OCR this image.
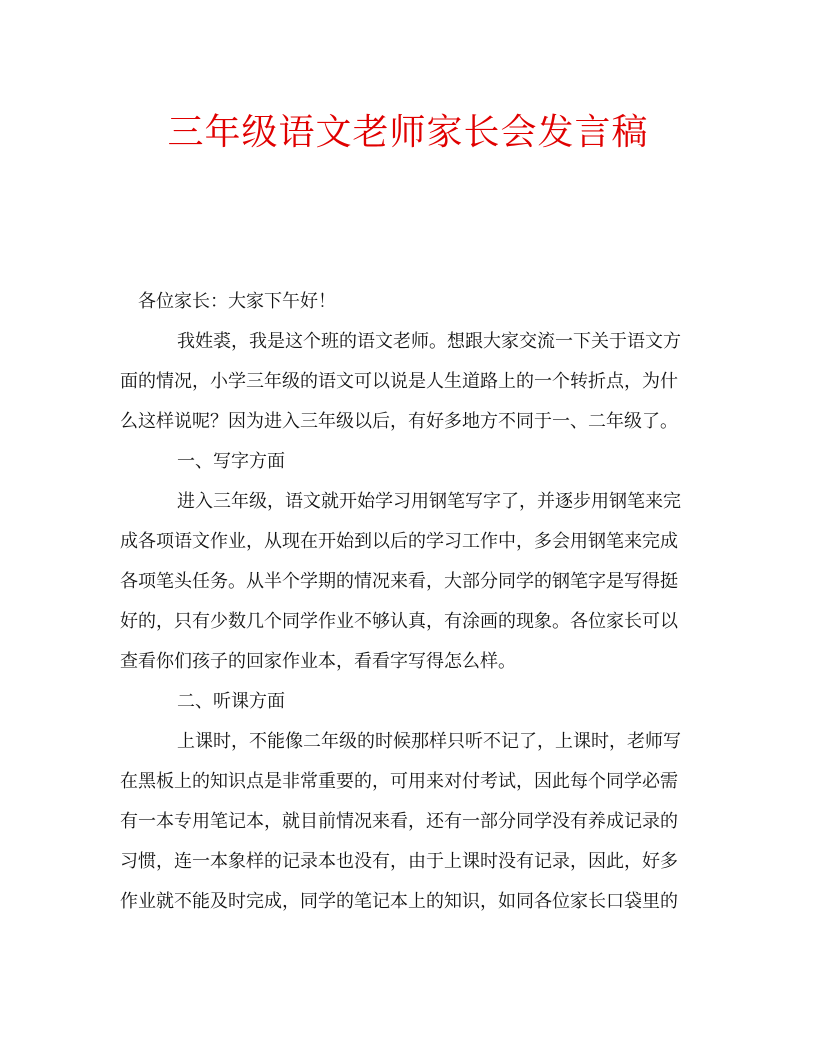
三年级语文老师家长会发言稿

各位家长：大家下午好！

我姓裘，我是这个班的语文老师。想跟大家交流一下关于语文方
面的情况，小学三年级的语文可以说是人生道路上的一个转折点，为什
么这样说呢？因为进入三年级以后，有好多地方不同于一、二年级了。

一、写字方面

进入三年级，语文就开始学习用钢笔写字了，并逐步用钢笔来完
成各项语文作业，从现在开始到以后的学习工作中，多会用钢笔来完成
各项笔头任务。从半个学期的情况来看，大部分同学的钢笔字是写得挺
好的，只有少数几个同学作业不够认真，有涂画的现象。各位家长可以
查看你们孩子的回家作业本，看看字写得怎么样。

二、听课方面

上课时，不能像二年级的时候那样只听不记了，上课时，老师写
在黑板上的知识点是非常重要的，可用来对付考试，因此每个同学必需
有一本专用笔记本，就目前情况来看，还有一部分同学没有养成记录的
习惯，连一本象样的记录本也没有，由于上课时没有记录，因此，好多
作业就不能及时完成，同学的笔记本上的知识，如同各位家长口袋里的
